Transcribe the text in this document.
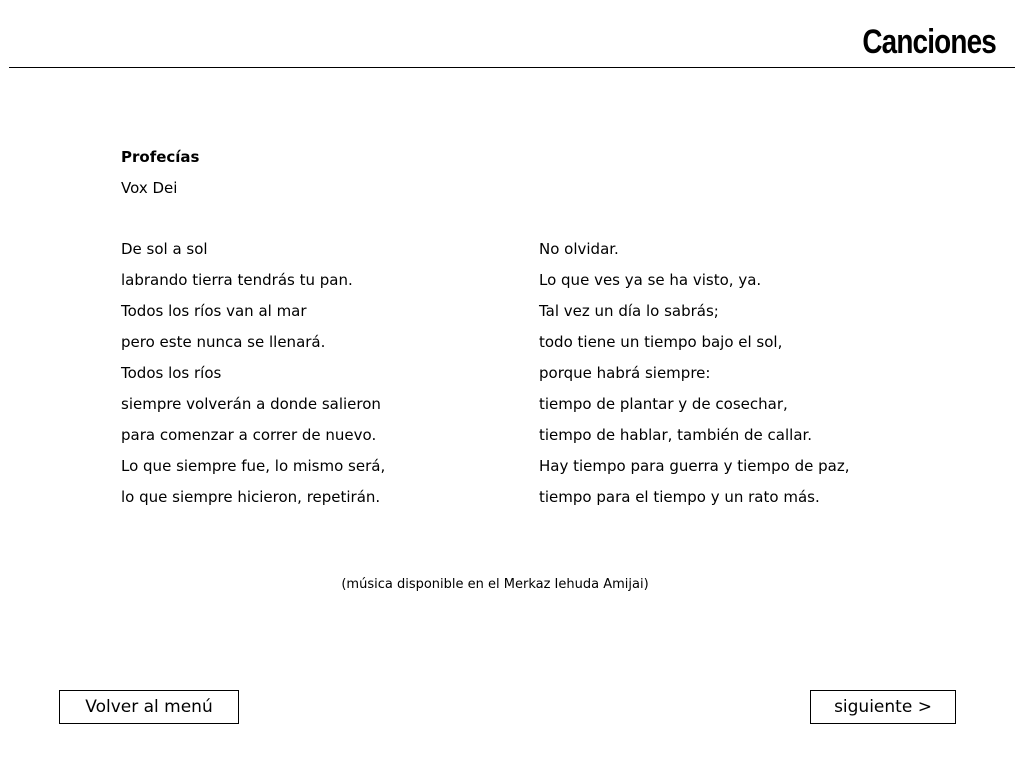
Canciones
Profecías
Vox Dei
De sol a sol
labrando tierra tendrás tu pan.
Todos los ríos van al mar
pero este nunca se llenará.
Todos los ríos
siempre volverán a donde salieron
para comenzar a correr de nuevo.
Lo que siempre fue, lo mismo será,
lo que siempre hicieron, repetirán.
No olvidar.
Lo que ves ya se ha visto, ya.
Tal vez un día lo sabrás;
todo tiene un tiempo bajo el sol,
porque habrá siempre:
tiempo de plantar y de cosechar,
tiempo de hablar, también de callar.
Hay tiempo para guerra y tiempo de paz,
tiempo para el tiempo y un rato más.
(música disponible en el Merkaz Iehuda Amijai)
Volver al menú	siguiente >
